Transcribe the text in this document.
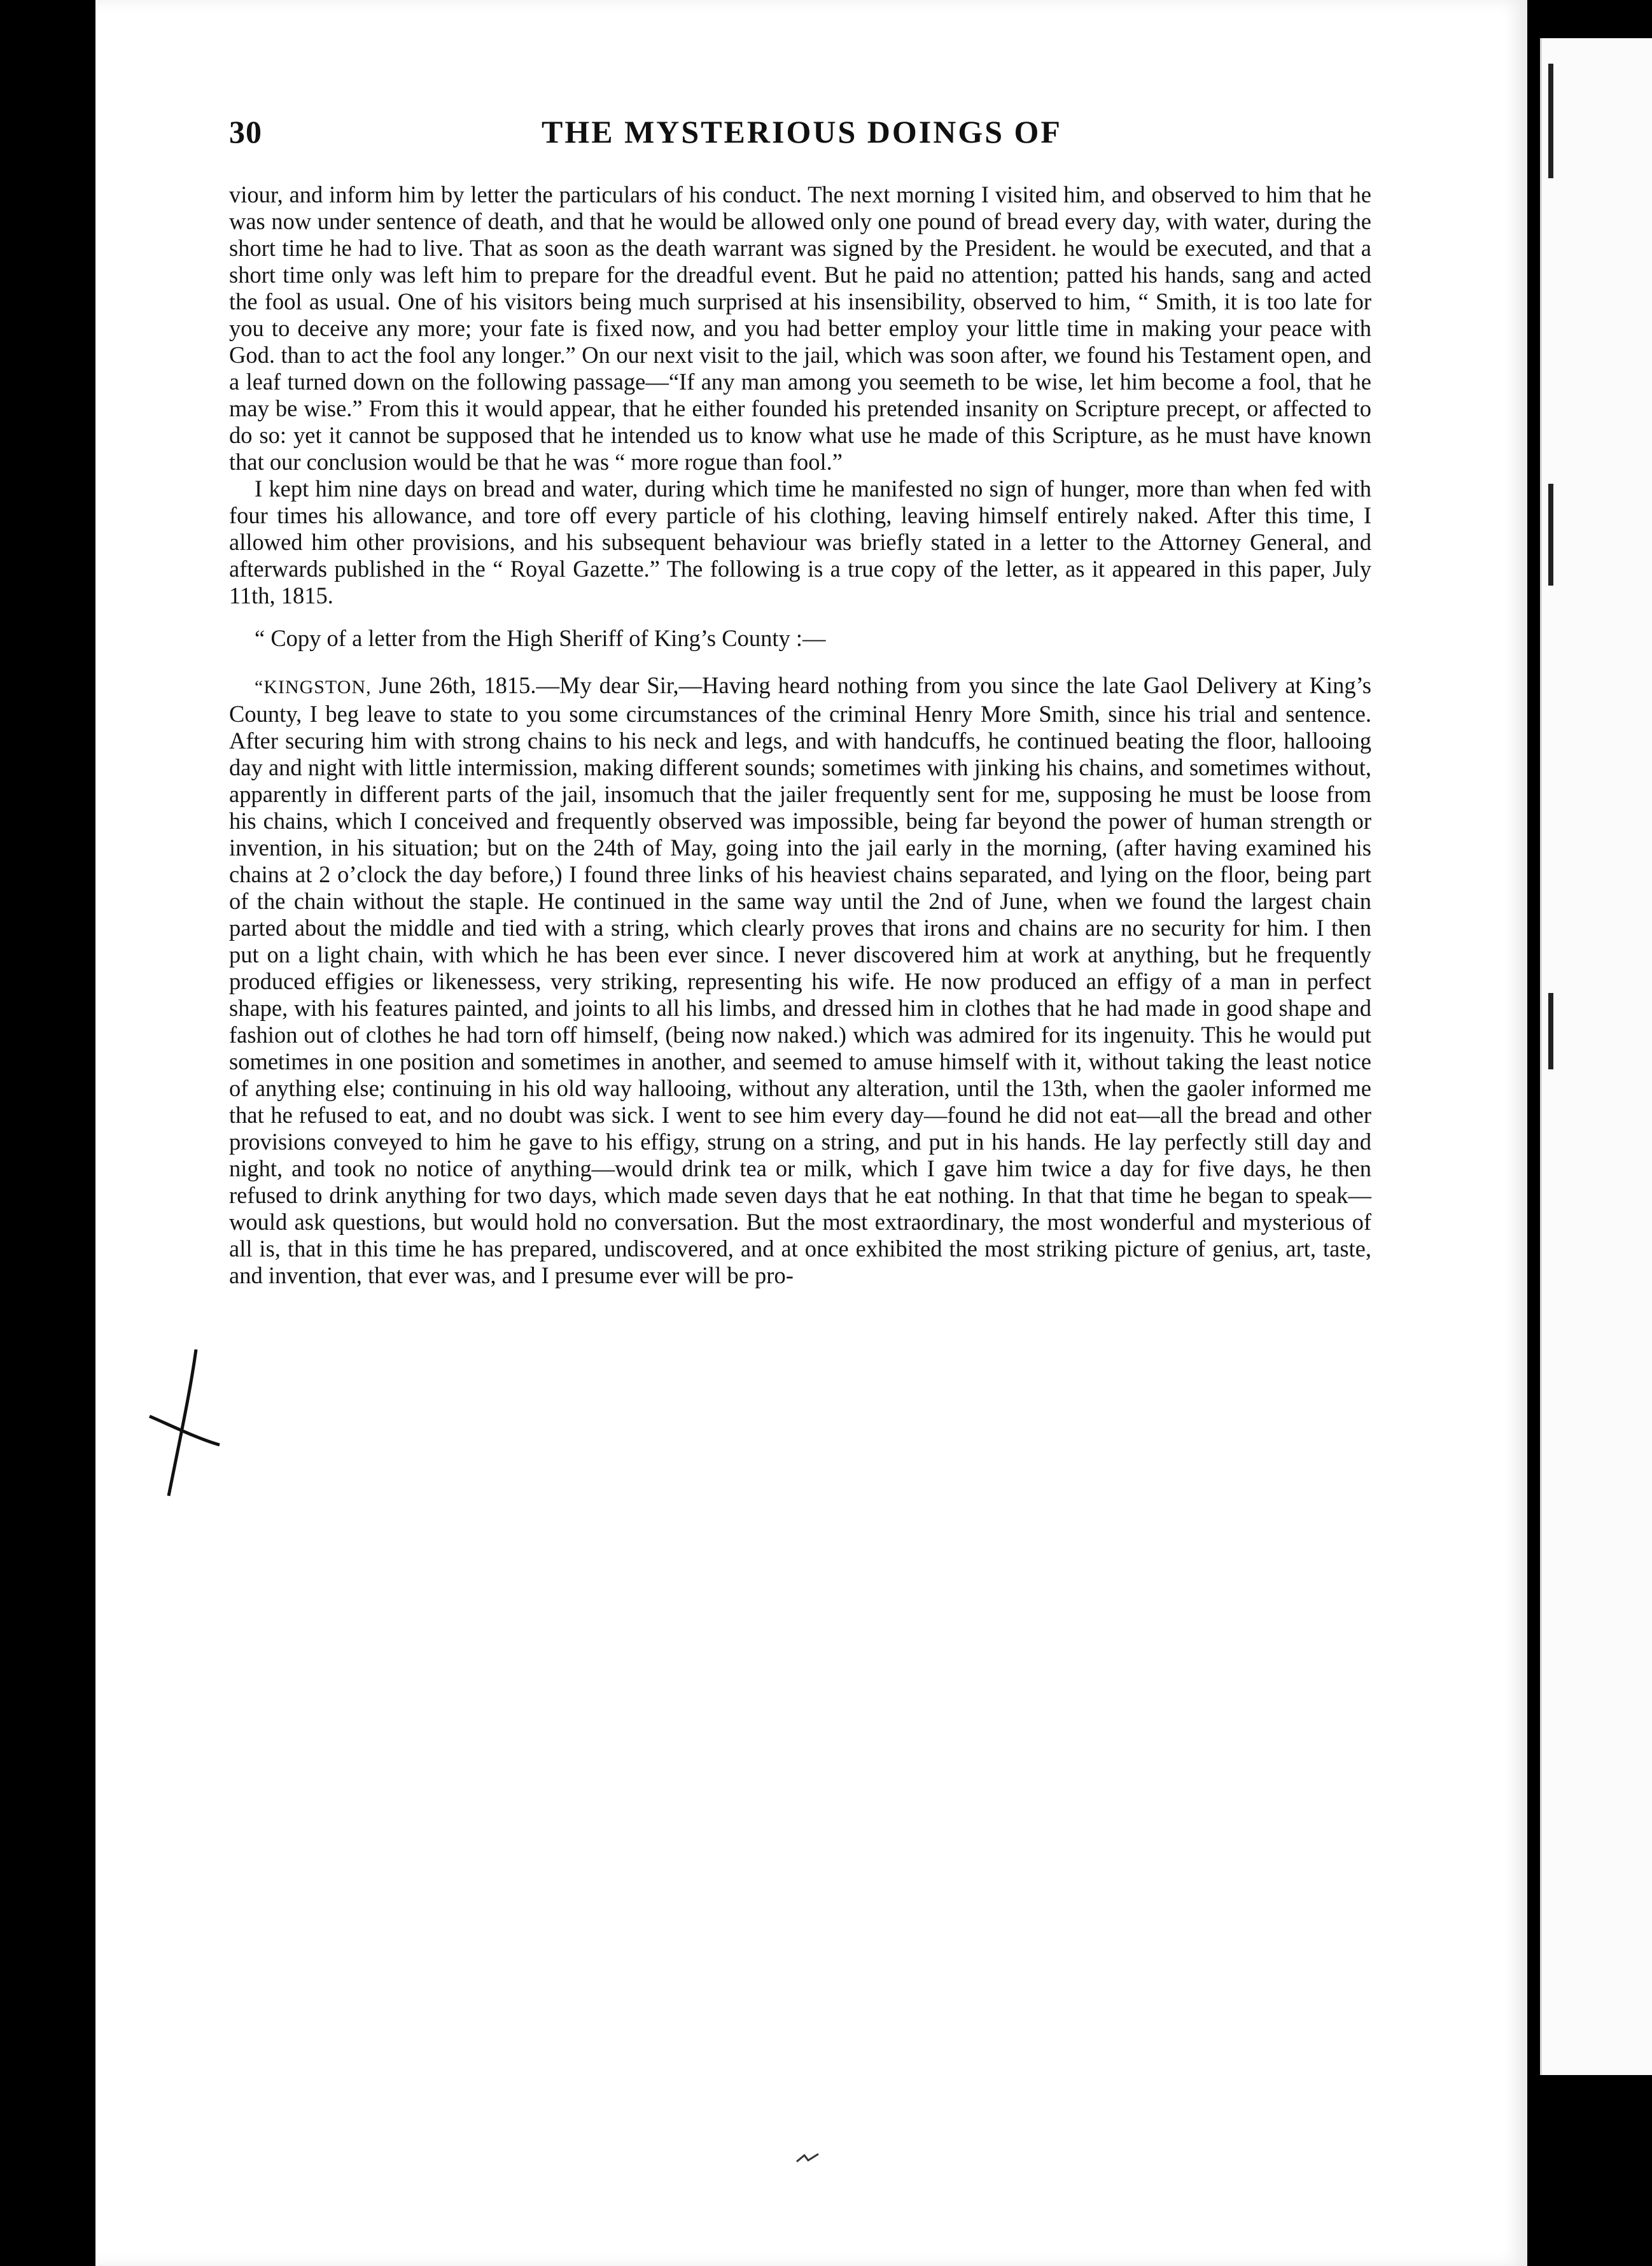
30	THE MYSTERIOUS DOINGS OF

viour, and inform him by letter the particulars of his conduct. The next morning I visited him, and observed to him that he was now under sentence of death, and that he would be allowed only one pound of bread every day, with water, during the short time he had to live. That as soon as the death warrant was signed by the President. he would be executed, and that a short time only was left him to prepare for the dreadful event. But he paid no attention; patted his hands, sang and acted the fool as usual. One of his visitors being much surprised at his insensibility, observed to him, “ Smith, it is too late for you to deceive any more; your fate is fixed now, and you had better employ your little time in making your peace with God. than to act the fool any longer.” On our next visit to the jail, which was soon after, we found his Testament open, and a leaf turned down on the following passage—“If any man among you seemeth to be wise, let him become a fool, that he may be wise.” From this it would appear, that he either founded his pretended insanity on Scripture precept, or affected to do so: yet it cannot be supposed that he intended us to know what use he made of this Scripture, as he must have known that our conclusion would be that he was “ more rogue than fool.”

I kept him nine days on bread and water, during which time he manifested no sign of hunger, more than when fed with four times his allowance, and tore off every particle of his clothing, leaving himself entirely naked. After this time, I allowed him other provisions, and his subsequent behaviour was briefly stated in a letter to the Attorney General, and afterwards published in the “ Royal Gazette.” The following is a true copy of the letter, as it appeared in this paper, July 11th, 1815.

“ Copy of a letter from the High Sheriff of King’s County :—

“KINGSTON, June 26th, 1815.—My dear Sir,—Having heard nothing from you since the late Gaol Delivery at King’s County, I beg leave to state to you some circumstances of the criminal Henry More Smith, since his trial and sentence. After securing him with strong chains to his neck and legs, and with handcuffs, he continued beating the floor, hallooing day and night with little intermission, making different sounds; sometimes with jinking his chains, and sometimes without, apparently in different parts of the jail, insomuch that the jailer frequently sent for me, supposing he must be loose from his chains, which I conceived and frequently observed was impossible, being far beyond the power of human strength or invention, in his situation; but on the 24th of May, going into the jail early in the morning, (after having examined his chains at 2 o’clock the day before,) I found three links of his heaviest chains separated, and lying on the floor, being part of the chain without the staple. He continued in the same way until the 2nd of June, when we found the largest chain parted about the middle and tied with a string, which clearly proves that irons and chains are no security for him. I then put on a light chain, with which he has been ever since. I never discovered him at work at anything, but he frequently produced effigies or likenessess, very striking, representing his wife. He now produced an effigy of a man in perfect shape, with his features painted, and joints to all his limbs, and dressed him in clothes that he had made in good shape and fashion out of clothes he had torn off himself, (being now naked.) which was admired for its ingenuity. This he would put sometimes in one position and sometimes in another, and seemed to amuse himself with it, without taking the least notice of anything else; continuing in his old way hallooing, without any alteration, until the 13th, when the gaoler informed me that he refused to eat, and no doubt was sick. I went to see him every day—found he did not eat—all the bread and other provisions conveyed to him he gave to his effigy, strung on a string, and put in his hands. He lay perfectly still day and night, and took no notice of anything—would drink tea or milk, which I gave him twice a day for five days, he then refused to drink anything for two days, which made seven days that he eat nothing. In that that time he began to speak—would ask questions, but would hold no conversation. But the most extraordinary, the most wonderful and mysterious of all is, that in this time he has prepared, undiscovered, and at once exhibited the most striking picture of genius, art, taste, and invention, that ever was, and I presume ever will be pro-
